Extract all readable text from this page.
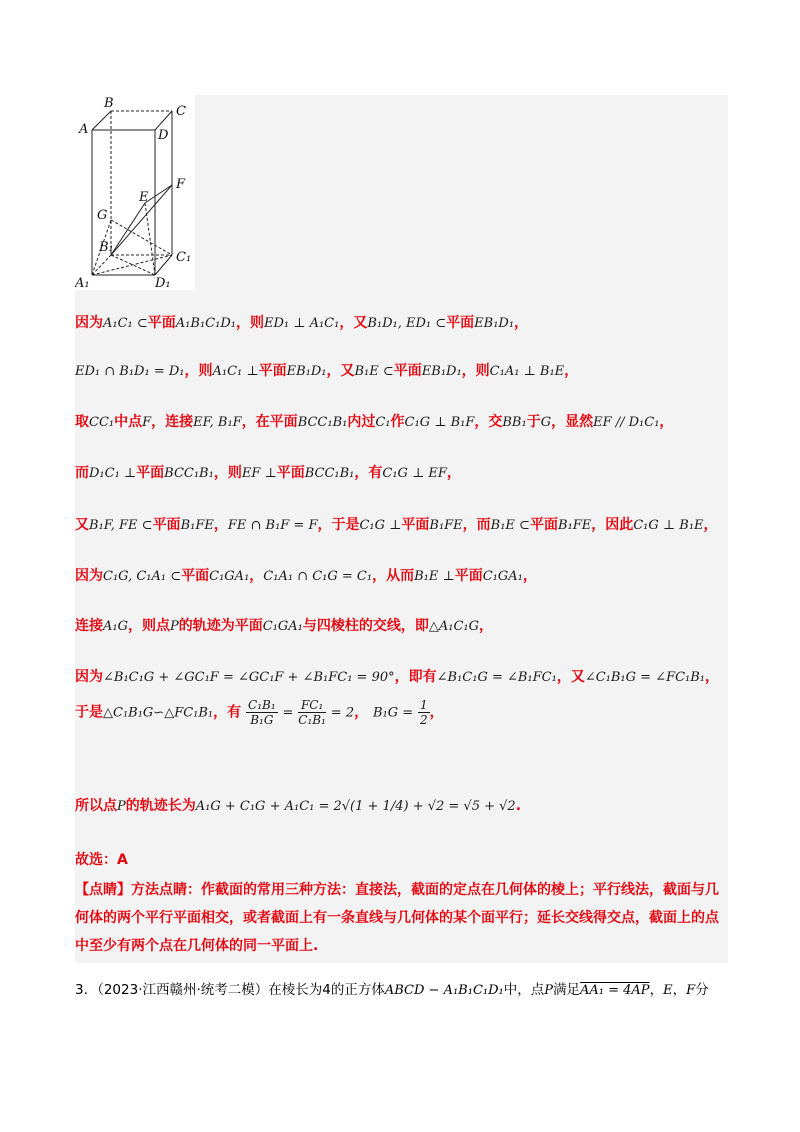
B
C
A	D
F
E
G
B₁
C₁
A₁	D₁
因为A₁C₁ ⊂平面A₁B₁C₁D₁，则ED₁ ⊥ A₁C₁，又B₁D₁, ED₁ ⊂平面EB₁D₁，
ED₁ ∩ B₁D₁ = D₁，则A₁C₁ ⊥平面EB₁D₁，又B₁E ⊂平面EB₁D₁，则C₁A₁ ⊥ B₁E，
取CC₁中点F，连接EF, B₁F，在平面BCC₁B₁内过C₁作C₁G ⊥ B₁F，交BB₁于G，显然EF // D₁C₁，
而D₁C₁ ⊥平面BCC₁B₁，则EF ⊥平面BCC₁B₁，有C₁G ⊥ EF，
又B₁F, FE ⊂平面B₁FE，FE ∩ B₁F = F，于是C₁G ⊥平面B₁FE，而B₁E ⊂平面B₁FE，因此C₁G ⊥ B₁E，
因为C₁G, C₁A₁ ⊂平面C₁GA₁，C₁A₁ ∩ C₁G = C₁，从而B₁E ⊥平面C₁GA₁，
连接A₁G，则点P的轨迹为平面C₁GA₁与四棱柱的交线，即△A₁C₁G，
因为∠B₁C₁G + ∠GC₁F = ∠GC₁F + ∠B₁FC₁ = 90°，即有∠B₁C₁G = ∠B₁FC₁，又∠C₁B₁G = ∠FC₁B₁，
于是△C₁B₁G∽△FC₁B₁，有 $\frac{\text{C₁B₁}}{\text{B₁G}} = \frac{\text{FC₁}}{\text{C₁B₁}} = 2$， $B_1G = \frac{1}{2}$ ，
所以点P的轨迹长为A₁G + C₁G + A₁C₁ = 2√(1 + 1/4) + √2 = √5 + √2.
故选：A
【点睛】方法点睛：作截面的常用三种方法：直接法，截面的定点在几何体的棱上；平行线法，截面与几何体的两个平行平面相交，或者截面上有一条直线与几何体的某个面平行；延长交线得交点，截面上的点中至少有两个点在几何体的同一平面上.
3．（2023·江西赣州·统考二模）在棱长为4的正方体ABCD − A₁B₁C₁D₁中，点P满足AA₁ = 4AP，E，F分
